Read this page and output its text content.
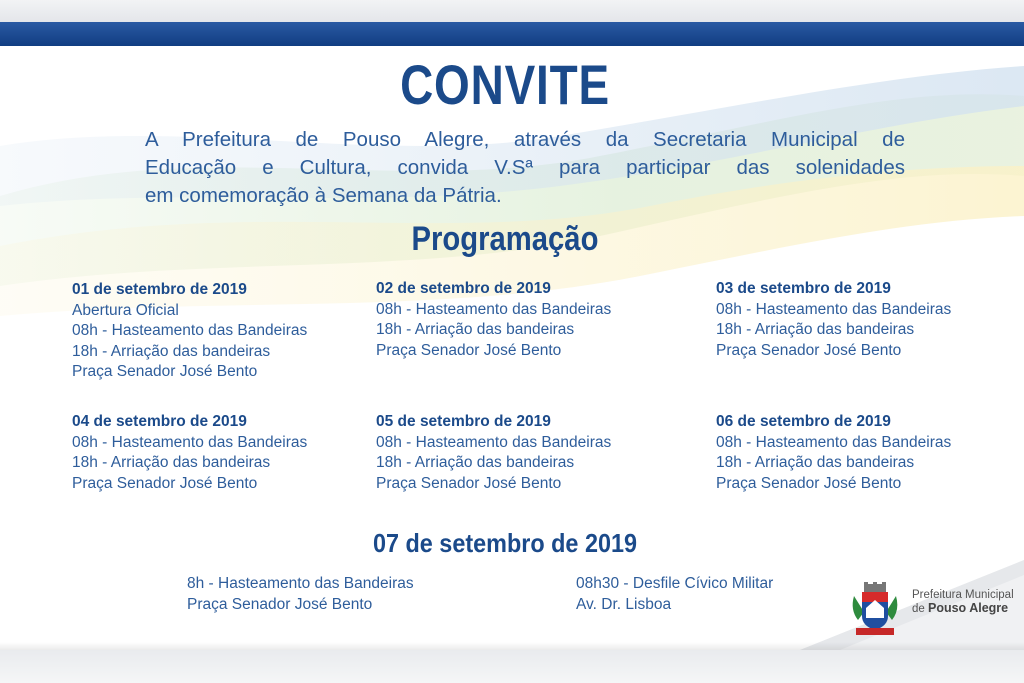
CONVITE
A Prefeitura de Pouso Alegre, através da Secretaria Municipal de
Educação e Cultura, convida V.Sª para participar das solenidades
em comemoração à Semana da Pátria.
Programação
01 de setembro de 2019
Abertura Oficial
08h - Hasteamento das Bandeiras
18h - Arriação das bandeiras
Praça Senador José Bento
02 de setembro de 2019
08h - Hasteamento das Bandeiras
18h - Arriação das bandeiras
Praça Senador José Bento
03 de setembro de 2019
08h - Hasteamento das Bandeiras
18h - Arriação das bandeiras
Praça Senador José Bento
04 de setembro de 2019
08h - Hasteamento das Bandeiras
18h - Arriação das bandeiras
Praça Senador José Bento
05 de setembro de 2019
08h - Hasteamento das Bandeiras
18h - Arriação das bandeiras
Praça Senador José Bento
06 de setembro de 2019
08h - Hasteamento das Bandeiras
18h - Arriação das bandeiras
Praça Senador José Bento
07 de setembro de 2019
8h - Hasteamento das Bandeiras
Praça Senador José Bento
08h30 - Desfile Cívico Militar
Av. Dr. Lisboa
Prefeitura Municipal
de Pouso Alegre
